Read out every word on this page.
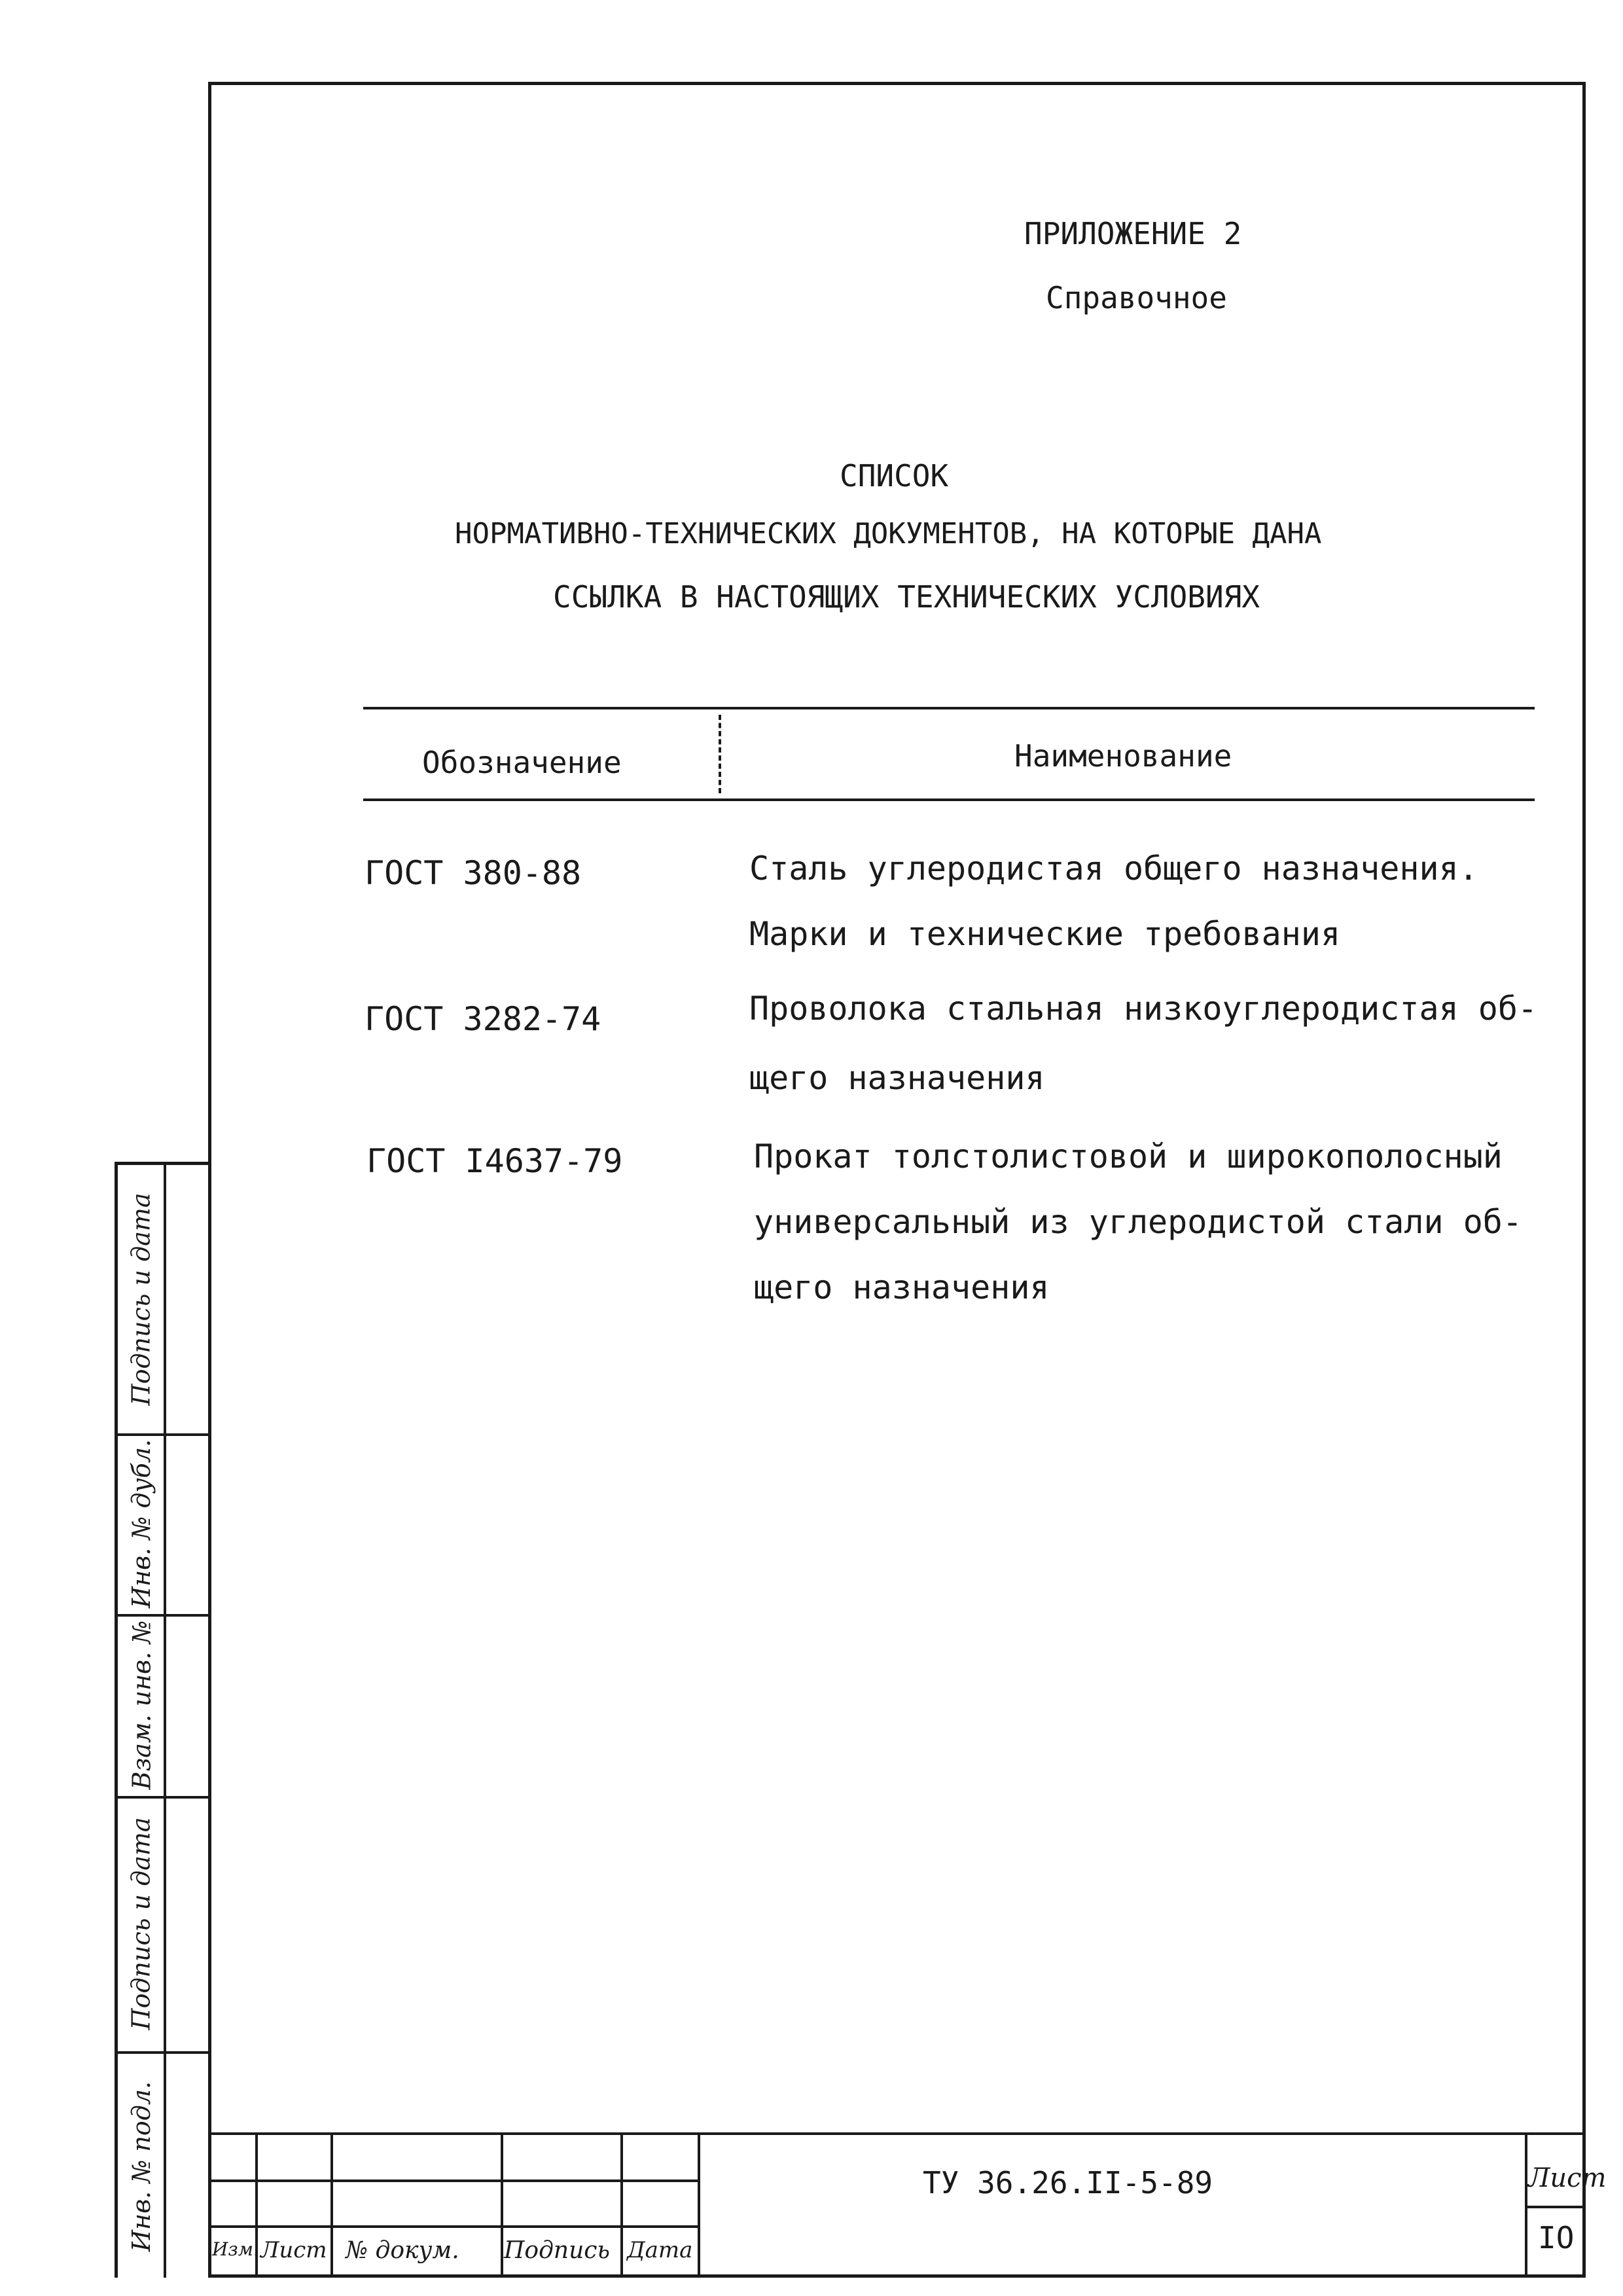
ПРИЛОЖЕНИЕ 2
Справочное
СПИСОК
НОРМАТИВНО-ТЕХНИЧЕСКИХ ДОКУМЕНТОВ, НА КОТОРЫЕ ДАНА
ССЫЛКА В НАСТОЯЩИХ ТЕХНИЧЕСКИХ УСЛОВИЯХ
Обозначение	Наименование
ГОСТ 380-88	Сталь углеродистая общего назначения.
Марки и технические требования
ГОСТ 3282-74	Проволока стальная низкоуглеродистая об-
щего назначения
ГОСТ I4637-79	Прокат толстолистовой и широкополосный
универсальный из углеродистой стали об-
щего назначения
Подпись и дата
Инв. № дубл.
Взам. инв. №
Подпись и дата
Инв. № подл.	Изм. Лист № докум. Подпись Дата
ТУ 36.26.II-5-89	Лист
IO
